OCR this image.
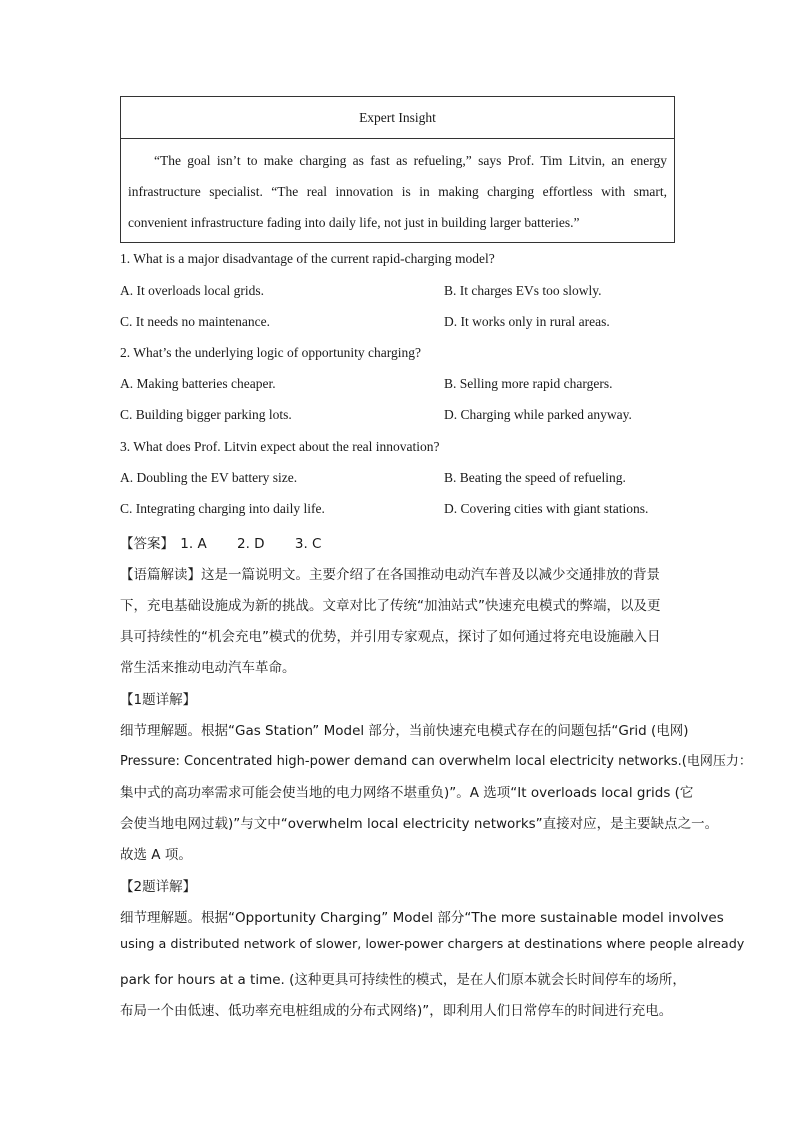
Expert Insight
“The goal isn’t to make charging as fast as refueling,” says Prof. Tim Litvin, an energy infrastructure specialist. “The real innovation is in making charging effortless with smart, convenient infrastructure fading into daily life, not just in building larger batteries.”
1. What is a major disadvantage of the current rapid-charging model?
A. It overloads local grids.	B. It charges EVs too slowly.
C. It needs no maintenance.	D. It works only in rural areas.
2. What’s the underlying logic of opportunity charging?
A. Making batteries cheaper.	B. Selling more rapid chargers.
C. Building bigger parking lots.	D. Charging while parked anyway.
3. What does Prof. Litvin expect about the real innovation?
A. Doubling the EV battery size.	B. Beating the speed of refueling.
C. Integrating charging into daily life.	D. Covering cities with giant stations.
【答案】 1. A 2. D 3. C
【语篇解读】这是一篇说明文。主要介绍了在各国推动电动汽车普及以减少交通排放的背景
下，充电基础设施成为新的挑战。文章对比了传统“加油站式”快速充电模式的弊端，以及更
具可持续性的“机会充电”模式的优势，并引用专家观点，探讨了如何通过将充电设施融入日
常生活来推动电动汽车革命。
【1题详解】
细节理解题。根据“Gas Station” Model 部分，当前快速充电模式存在的问题包括“Grid (电网)
Pressure: Concentrated high-power demand can overwhelm local electricity networks.(电网压力：
集中式的高功率需求可能会使当地的电力网络不堪重负)”。A 选项“It overloads local grids (它
会使当地电网过载)”与文中“overwhelm local electricity networks”直接对应，是主要缺点之一。
故选 A 项。
【2题详解】
细节理解题。根据“Opportunity Charging” Model 部分“The more sustainable model involves
using a distributed network of slower, lower-power chargers at destinations where people already
park for hours at a time. (这种更具可持续性的模式，是在人们原本就会长时间停车的场所，
布局一个由低速、低功率充电桩组成的分布式网络)”，即利用人们日常停车的时间进行充电。
